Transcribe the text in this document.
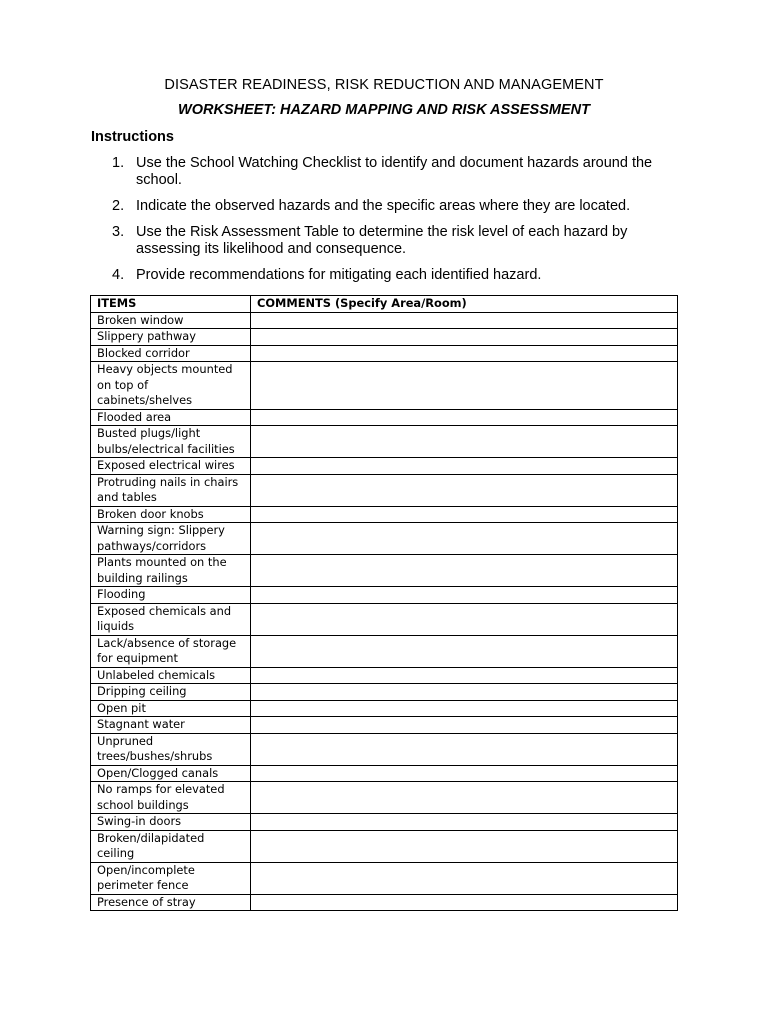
DISASTER READINESS, RISK REDUCTION AND MANAGEMENT
WORKSHEET: HAZARD MAPPING AND RISK ASSESSMENT
Instructions
1. Use the School Watching Checklist to identify and document hazards around the school.
2. Indicate the observed hazards and the specific areas where they are located.
3. Use the Risk Assessment Table to determine the risk level of each hazard by assessing its likelihood and consequence.
4. Provide recommendations for mitigating each identified hazard.
ITEMS	COMMENTS (Specify Area/Room)
Broken window	
Slippery pathway	
Blocked corridor	
Heavy objects mounted on top of cabinets/shelves	
Flooded area	
Busted plugs/light bulbs/electrical facilities	
Exposed electrical wires	
Protruding nails in chairs and tables	
Broken door knobs	
Warning sign: Slippery pathways/corridors	
Plants mounted on the building railings	
Flooding	
Exposed chemicals and liquids	
Lack/absence of storage for equipment	
Unlabeled chemicals	
Dripping ceiling	
Open pit	
Stagnant water	
Unpruned trees/bushes/shrubs	
Open/Clogged canals	
No ramps for elevated school buildings	
Swing-in doors	
Broken/dilapidated ceiling	
Open/incomplete perimeter fence	
Presence of stray	
